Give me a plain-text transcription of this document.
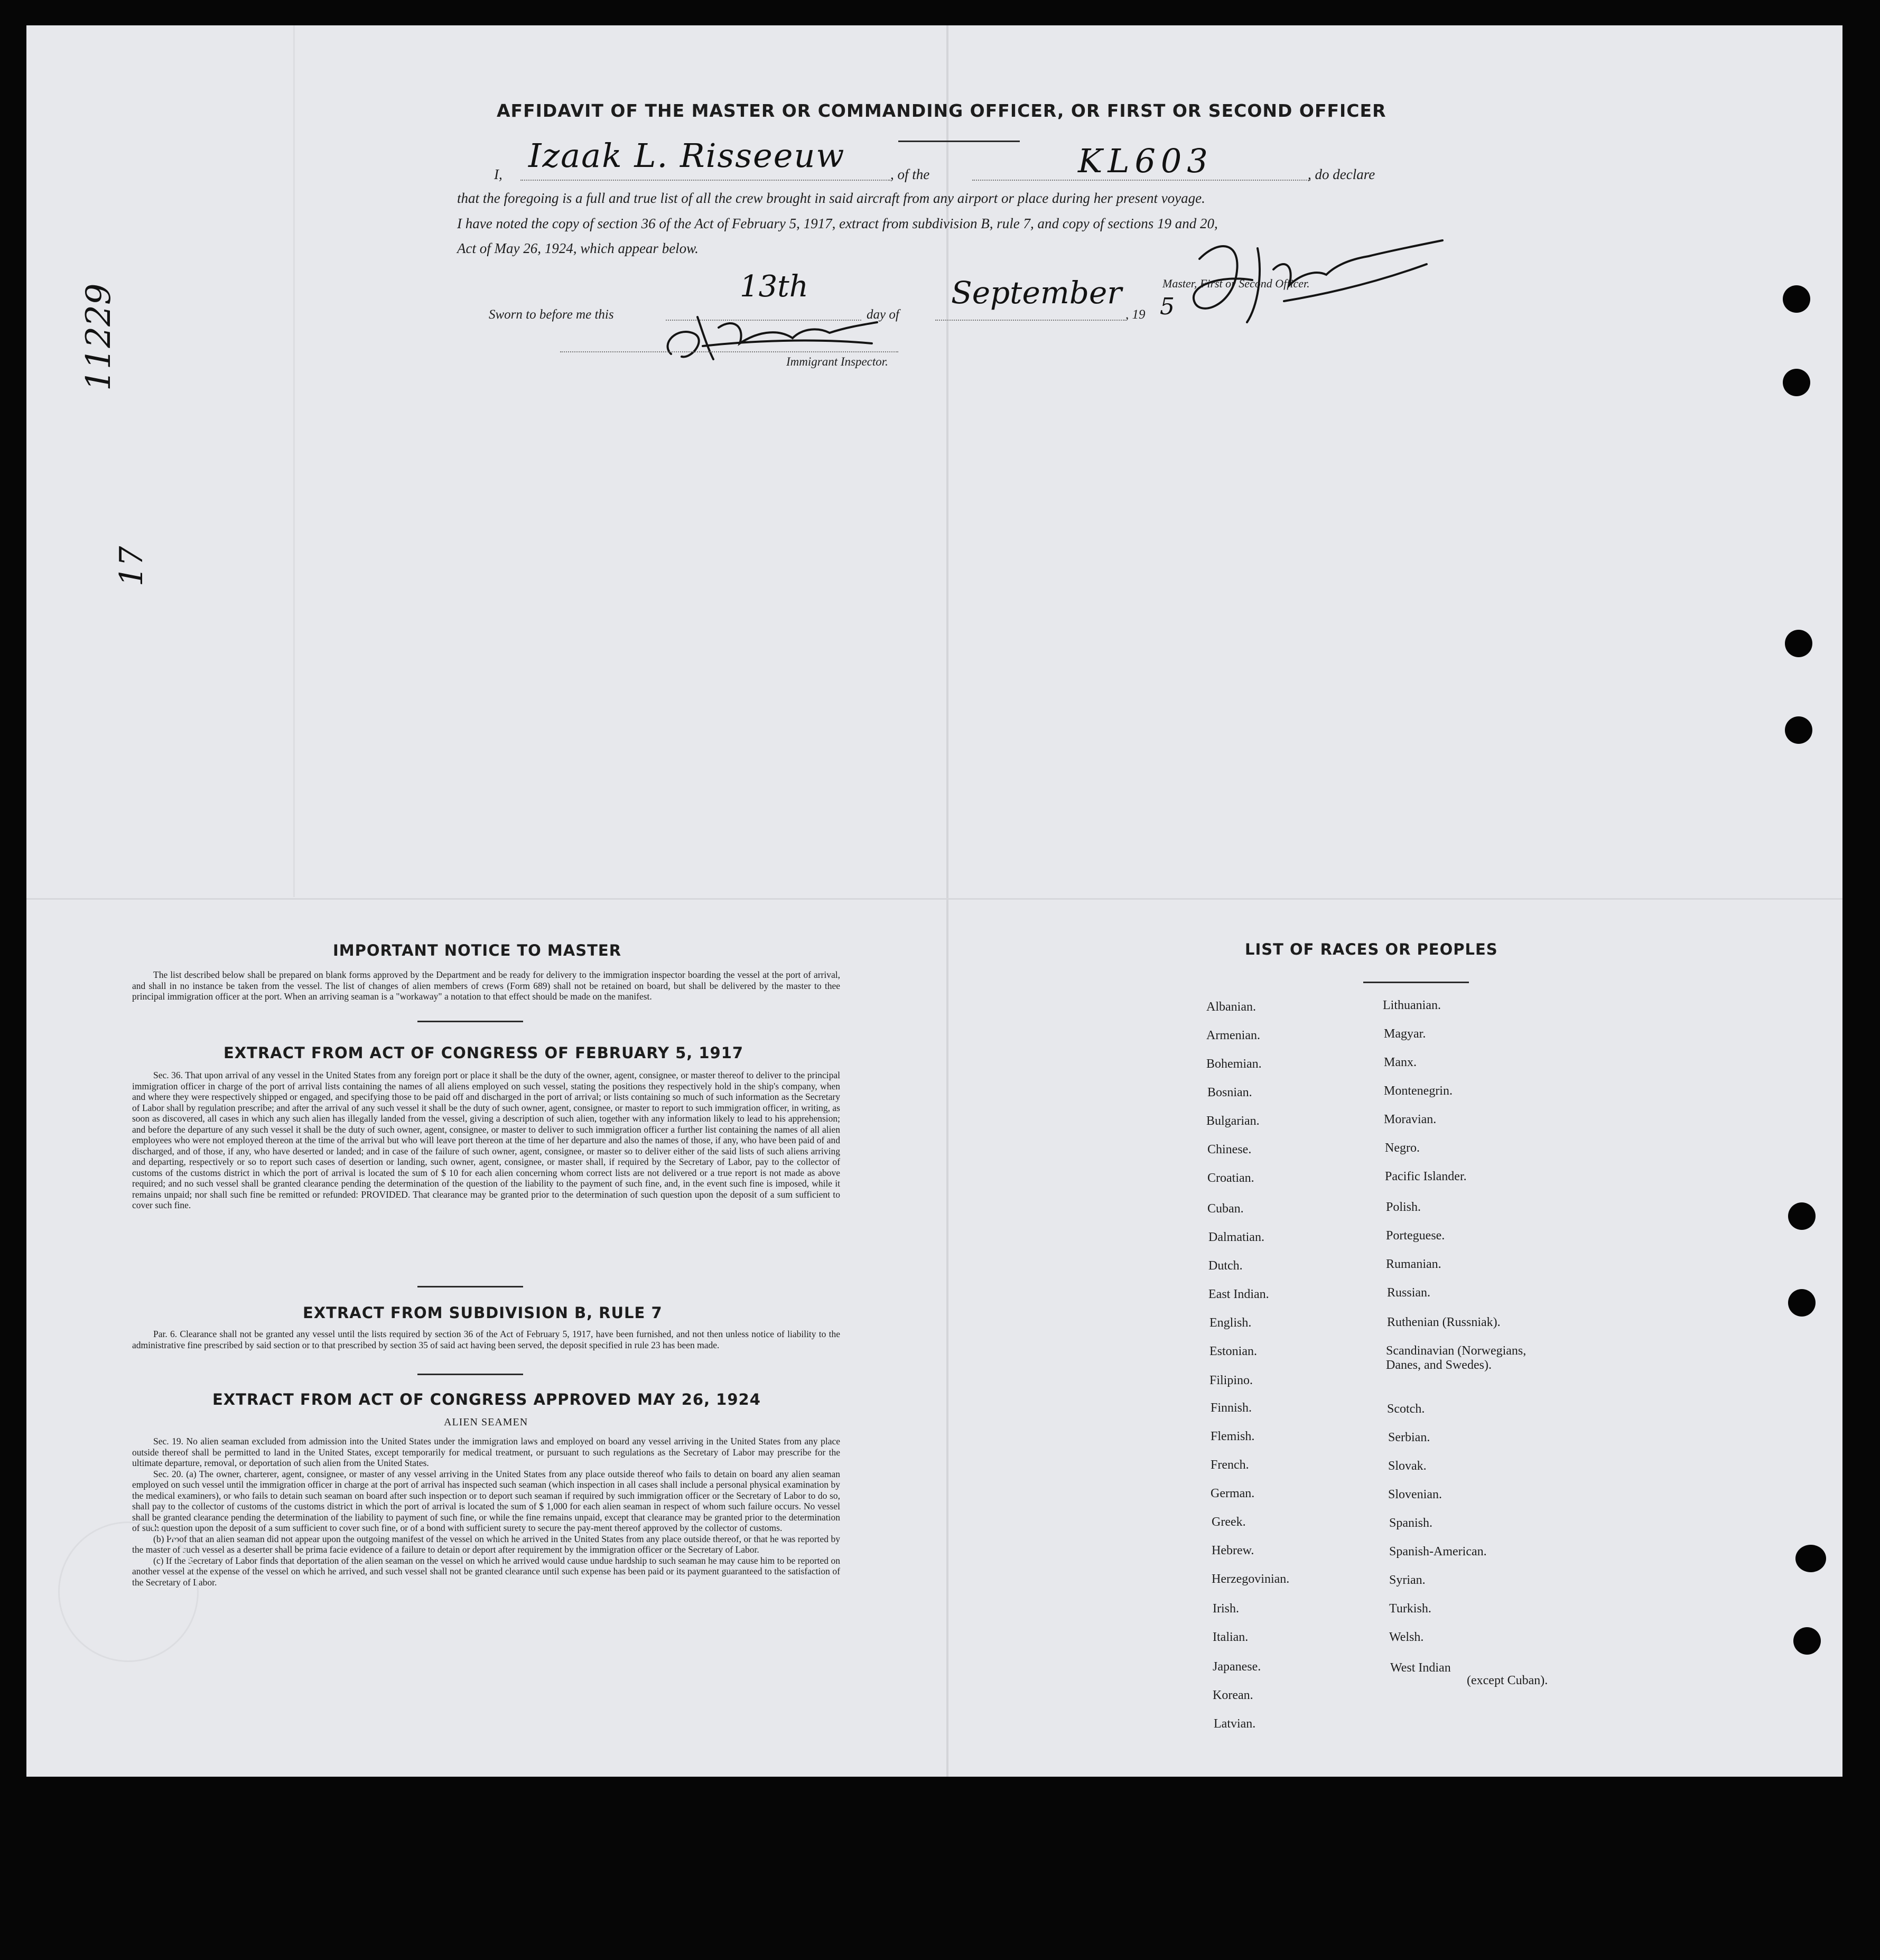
11229
17
AFFIDAVIT OF THE MASTER OR COMMANDING OFFICER, OR FIRST OR SECOND OFFICER
I, Izaak L. Risseeuw	, of the	KL603	, do declare
that the foregoing is a full and true list of all the crew brought in said aircraft from any airport or place during her present voyage.
I have noted the copy of section 36 of the Act of February 5, 1917, extract from subdivision B, rule 7, and copy of sections 19 and 20,
Act of May 26, 1924, which appear below.
Sworn to before me this
13th
day of
September
, 19 5
Master, First or Second Officer.
Immigrant Inspector.
IMPORTANT NOTICE TO MASTER

The list described below shall be prepared on blank forms approved by the Department and be ready for delivery to the immigration inspector boarding the vessel at the port of arrival, and shall in no instance be taken from the vessel. The list of changes of alien members of crews (Form 689) shall not be retained on board, but shall be delivered by the master to thee principal immigration officer at the port. When an arriving seaman is a "workaway" a notation to that effect should be made on the manifest.

EXTRACT FROM ACT OF CONGRESS OF FEBRUARY 5, 1917

Sec. 36. That upon arrival of any vessel in the United States from any foreign port or place it shall be the duty of the owner, agent, consignee, or master thereof to deliver to the principal immigration officer in charge of the port of arrival lists containing the names of all aliens employed on such vessel, stating the positions they respectively hold in the ship's company, when and where they were respectively shipped or engaged, and specifying those to be paid off and discharged in the port of arrival; or lists containing so much of such information as the Secretary of Labor shall by regulation prescribe; and after the arrival of any such vessel it shall be the duty of such owner, agent, consignee, or master to report to such immigration officer, in writing, as soon as discovered, all cases in which any such alien has illegally landed from the vessel, giving a description of such alien, together with any information likely to lead to his apprehension; and before the departure of any such vessel it shall be the duty of such owner, agent, consignee, or master to deliver to such immigration officer a further list containing the names of all alien employees who were not employed thereon at the time of the arrival but who will leave port thereon at the time of her departure and also the names of those, if any, who have been paid of and discharged, and of those, if any, who have deserted or landed; and in case of the failure of such owner, agent, consignee, or master so to deliver either of the said lists of such aliens arriving and departing, respectively or so to report such cases of desertion or landing, such owner, agent, consignee, or master shall, if required by the Secretary of Labor, pay to the collector of customs of the customs district in which the port of arrival is located the sum of $ 10 for each alien concerning whom correct lists are not delivered or a true report is not made as above required; and no such vessel shall be granted clearance pending the determination of the question of the liability to the payment of such fine, and, in the event such fine is imposed, while it remains unpaid; nor shall such fine be remitted or refunded: PROVIDED. That clearance may be granted prior to the determination of such question upon the deposit of a sum sufficient to cover such fine.

EXTRACT FROM SUBDIVISION B, RULE 7

Par. 6. Clearance shall not be granted any vessel until the lists required by section 36 of the Act of February 5, 1917, have been furnished, and not then unless notice of liability to the administrative fine prescribed by said section or to that prescribed by section 35 of said act having been served, the deposit specified in rule 23 has been made.

EXTRACT FROM ACT OF CONGRESS APPROVED MAY 26, 1924
ALIEN SEAMEN

Sec. 19. No alien seaman excluded from admission into the United States under the immigration laws and employed on board any vessel arriving in the United States from any place outside thereof shall be permitted to land in the United States, except temporarily for medical treatment, or pursuant to such regulations as the Secretary of Labor may prescribe for the ultimate departure, removal, or deportation of such alien from the United States.

Sec. 20. (a) The owner, charterer, agent, consignee, or master of any vessel arriving in the United States from any place outside thereof who fails to detain on board any alien seaman employed on such vessel until the immigration officer in charge at the port of arrival has inspected such seaman (which inspection in all cases shall include a personal physical examination by the medical examiners), or who fails to detain such seaman on board after such inspection or to deport such seaman if required by such immigration officer or the Secretary of Labor to do so, shall pay to the collector of customs of the customs district in which the port of arrival is located the sum of $ 1,000 for each alien seaman in respect of whom such failure occurs. No vessel shall be granted clearance pending the determination of the liability to payment of such fine, or while the fine remains unpaid, except that clearance may be granted prior to the determination of such question upon the deposit of a sum sufficient to cover such fine, or of a bond with sufficient surety to secure the pay-ment thereof approved by the collector of customs.

(b) Proof that an alien seaman did not appear upon the outgoing manifest of the vessel on which he arrived in the United States from any place outside thereof, or that he was reported by the master of such vessel as a deserter shall be prima facie evidence of a failure to detain or deport after requirement by the immigration officer or the Secretary of Labor.

(c) If the Secretary of Labor finds that deportation of the alien seaman on the vessel on which he arrived would cause undue hardship to such seaman he may cause him to be reported on another vessel at the expense of the vessel on which he arrived, and such vessel shall not be granted clearance until such expense has been paid or its payment guaranteed to the satisfaction of the Secretary of Labor.

LIST OF RACES OR PEOPLES
Albanian.
Armenian.
Bohemian.
Bosnian.
Bulgarian.
Chinese.
Croatian.
Cuban.
Dalmatian.
Dutch.
East Indian.
English.
Estonian.
Filipino.
Finnish.
Flemish.
French.
German.
Greek.
Hebrew.
Herzegovinian.
Irish.
Italian.
Japanese.
Korean.
Latvian.
Lithuanian.
Magyar.
Manx.
Montenegrin.
Moravian.
Negro.
Pacific Islander.
Polish.
Porteguese.
Rumanian.
Russian.
Ruthenian (Russniak).
Scandinavian (Norwegians,
Scotch.
Serbian.
Slovak.
Slovenian.
Spanish.
Spanish-American.
Syrian.
Turkish.
Welsh.
West Indian
Danes, and Swedes).
(except Cuban).
